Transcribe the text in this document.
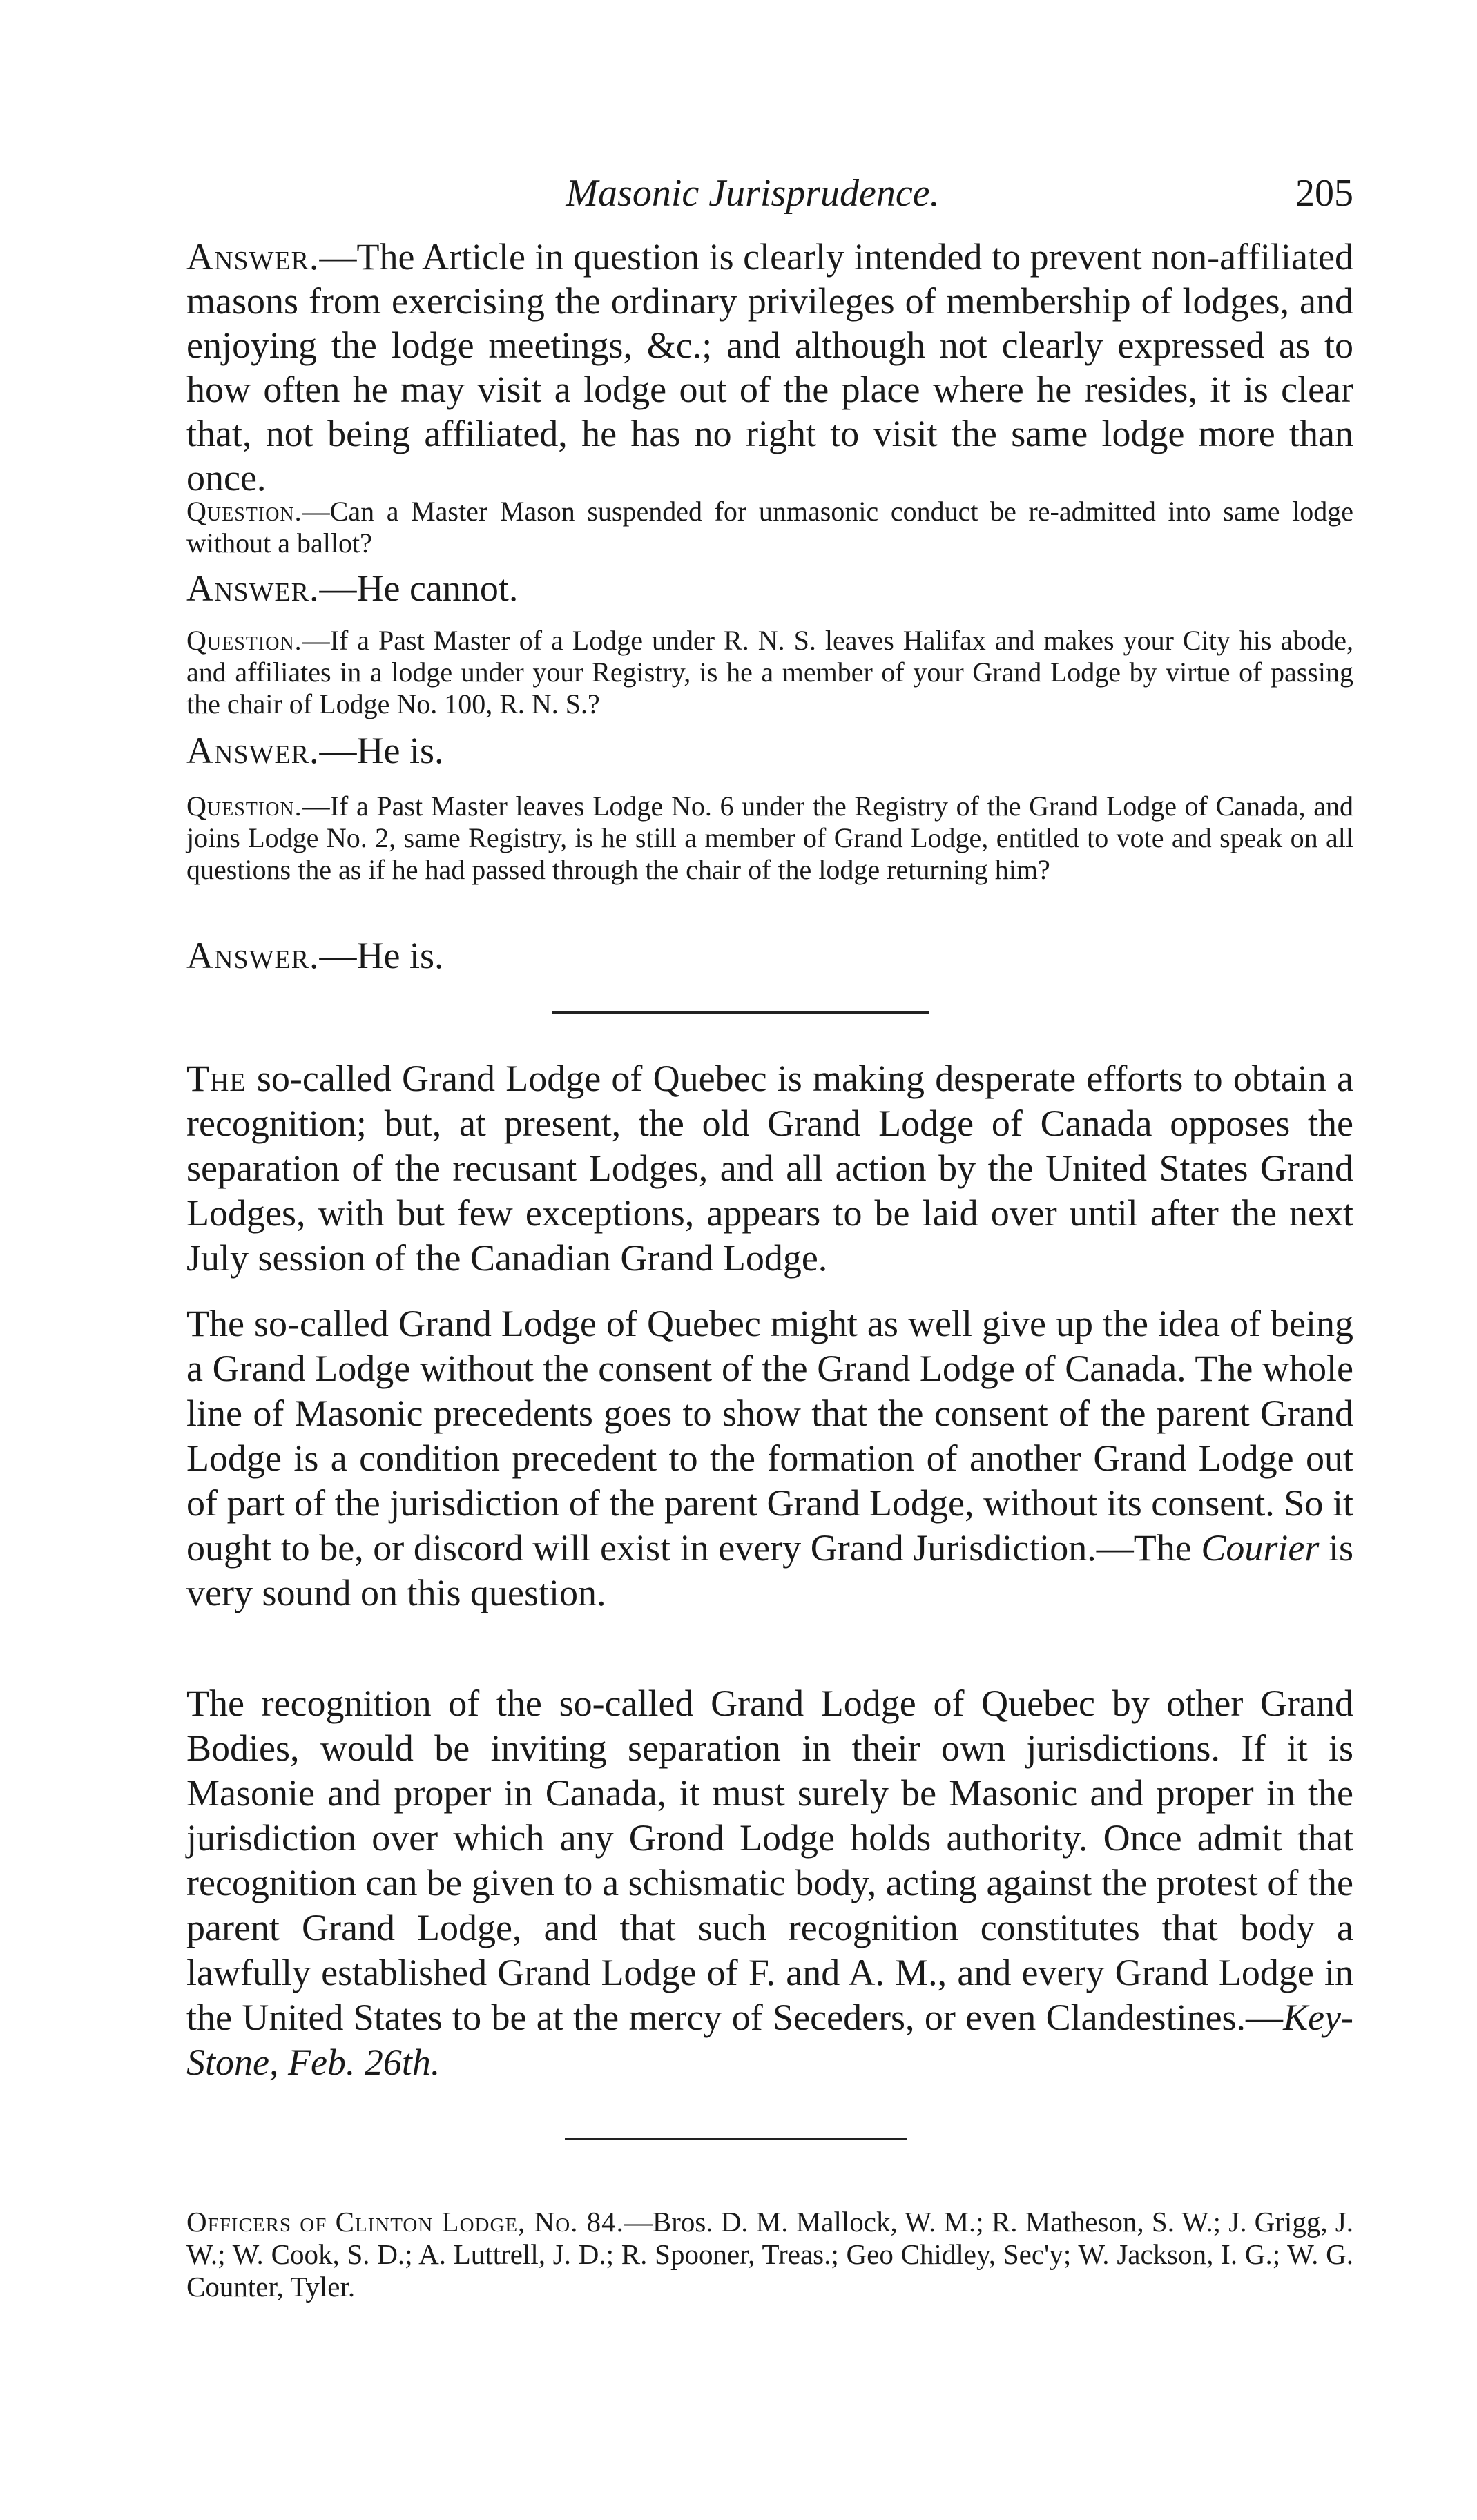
Masonic Jurisprudence.	205

Answer.—The Article in question is clearly intended to prevent non-affiliated masons from exercising the ordinary privileges of membership of lodges, and enjoying the lodge meetings, &c.; and although not clearly expressed as to how often he may visit a lodge out of the place where he resides, it is clear that, not being affiliated, he has no right to visit the same lodge more than once.

Question.—Can a Master Mason suspended for unmasonic conduct be re-admitted into same lodge without a ballot?

Answer.—He cannot.

Question.—If a Past Master of a Lodge under R. N. S. leaves Halifax and makes your City his abode, and affiliates in a lodge under your Registry, is he a member of your Grand Lodge by virtue of passing the chair of Lodge No. 100, R. N. S.?

Answer.—He is.

Question.—If a Past Master leaves Lodge No. 6 under the Registry of the Grand Lodge of Canada, and joins Lodge No. 2, same Registry, is he still a member of Grand Lodge, entitled to vote and speak on all questions the as if he had passed through the chair of the lodge returning him?

Answer.—He is.

The so-called Grand Lodge of Quebec is making desperate efforts to obtain a recognition; but, at present, the old Grand Lodge of Canada opposes the separation of the recusant Lodges, and all action by the United States Grand Lodges, with but few exceptions, appears to be laid over until after the next July session of the Canadian Grand Lodge.

The so-called Grand Lodge of Quebec might as well give up the idea of being a Grand Lodge without the consent of the Grand Lodge of Canada. The whole line of Masonic precedents goes to show that the consent of the parent Grand Lodge is a condition precedent to the formation of another Grand Lodge out of part of the jurisdiction of the parent Grand Lodge, without its consent. So it ought to be, or discord will exist in every Grand Jurisdiction.—The Courier is very sound on this question.

The recognition of the so-called Grand Lodge of Quebec by other Grand Bodies, would be inviting separation in their own jurisdictions. If it is Masonie and proper in Canada, it must surely be Masonic and proper in the jurisdiction over which any Grond Lodge holds authority. Once admit that recognition can be given to a schismatic body, acting against the protest of the parent Grand Lodge, and that such recognition constitutes that body a lawfully established Grand Lodge of F. and A. M., and every Grand Lodge in the United States to be at the mercy of Seceders, or even Clandestines.—Key-Stone, Feb. 26th.

Officers of Clinton Lodge, No. 84.—Bros. D. M. Mallock, W. M.; R. Matheson, S. W.; J. Grigg, J. W.; W. Cook, S. D.; A. Luttrell, J. D.; R. Spooner, Treas.; Geo Chidley, Sec'y; W. Jackson, I. G.; W. G. Counter, Tyler.
